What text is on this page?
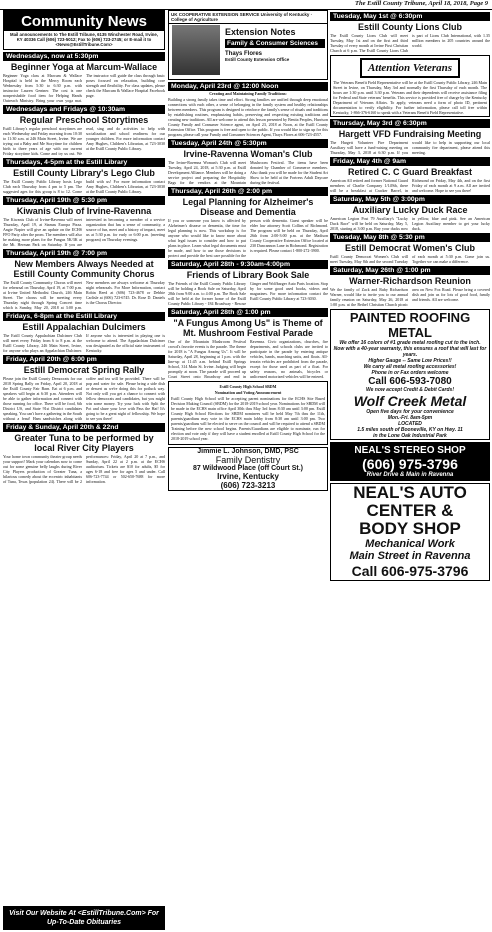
The Estill County Tribune, April 18, 2018, Page 9
Community News
Mail announcements to The Estill Tribune, 6135 Winchester Road, Irvine, KY 40336 Call (606) 723-5012; Fax to (606) 723-2745; or E-mail it to <News@EstillTribune.Com>
Wednesdays, now at 5:30pm
Beginner Yoga at Marcum-Wallace
Beginner Yoga class at Marcum & Wallace Hospital is held in the Mercy Room each Wednesday from 5:30 to 6:30 p.m. with instructor Lauren Gentner. The cost is one nonperishable food item for Helping Hands Outreach Ministry. Bring your own yoga mat. The instructor will guide the class through basic poses focused on relaxation, building core strength and flexibility. For class updates, please check the Marcum & Wallace Hospital Facebook page.
Wednesdays and Fridays @ 10:30am
Regular Preschool Storytimes
Estill Library's regular preschool storytimes are each Wednesday and Friday morning from 10:30 to 11:30 a.m. at 246 Main Street, Irvine. We are trying out a Baby and Me Storytime for children birth to three years of age with our current Friday storytime kids. Come and try us out. We read, sing and do activities to help with socialization and school readiness for our younger children. For more information contact Amy Hughes, Children's Librarian, at 723-3030 at the Estill County Public Library.
Thursdays, 4-5pm at the Estill Library
Estill County Library's Lego Club
The Estill County Public Library hosts Lego Club each Thursday from 4 pm to 5 pm. The suggested ages for this group is 8 to 12. Come build with us! For more information contact Amy Hughes, Children's Librarian, at 723-3030 at the Estill County Public Library.
Thursday, April 19th @ 5:30 pm
Kiwanis Club of Irvine-Ravenna
The Kiwanis Club of Irvine-Ravenna will meet Thursday, April 19, at Stamas Europa Pizza. Angie Napier will give an update on the ECHS FFO Party after the prom. The members will also be making more plans for the Fungus 5K/3K at the Mt. Herman Park on Saturday. If you are interested in becoming a member of a service organization that has a sense of community, a source of fun, meet and a history of impact, meet us at 5:30 p.m. for early or 6:00 p.m. (meeting program) on Thursday evenings.
Thursday, April 19th @ 7:00 pm
New Members Always Needed at Estill County Community Chorus
The Estill County Community Chorus will meet for rehearsal on Thursday, April 19, at 7:00 p.m. at Irvine United Methodist Church, 246 Main Street. The chorus will be meeting every Thursday night through Spring Concert time which is Sunday, May 20, 2018 at 3:00 p.m. New members are always welcome at Thursday night rehearsals. For More Information, contact Robin Reed at (606) 723-4678 or Debbie Carlisle at (606) 723-6745. Dr. Rose D. Daniels is the Chorus Director.
Fridays, 6-8pm at the Estill Library
Estill Appalachian Dulcimers
The Estill County Appalachian Dulcimer Club will meet every Friday from 6 to 8 p.m. at the Estill County Library, 246 Main Street, Irvine, for anyone who plays an Appalachian Dulcimer. If anyone who is interested in playing one is welcome to attend. The Appalachian Dulcimer was designated as the official state instrument of Kentucky.
Friday, April 20th @ 6:00 pm
Estill Democrat Spring Rally
Please join the Estill County Democrats for our 2018 Spring Rally on Friday, April 20, 2018 at the Estill County Fair Barn. Eat at 6 p.m. and speakers will begin at 6:30 p.m. Attendees will be able to gather information and connect with those running for office. There will be food, 6th District US, and State 91st District candidates speaking. You can't have a gathering in the South without a feast! Ham sandwiches along with coffee and tea will be provided. There will be pop and water for sale. Please bring a side dish or dessert as we're doing this for potluck way. Not only will you get a chance to connect with fellow democrats and candidates, but you might win some money. Try your luck with Split the Pot and share your love with Pass the Hat! It's going to be a great night of fellowship. We hope to see you there!
Friday & Sunday, April 20th & 22nd
Greater Tuna to be performed by local River City Players
Your home town community theater group needs your support! Mark your calendars now to come out for some genuine belly laughs during River City Players production of Greater Tuna, a hilarious comedy about the eccentric inhabitants of Tuna, Texas (population 24). There will be 2 performances: Friday, April 20 at 7 p.m., and Sunday, April 22 at 2 p.m. at the ECHS auditorium. Tickets are $10 for adults, $5 for ages 6-18 and free for ages 5 and under. Call 606-723-7744 or 502-650-7688 for more information.
Visit Our Website At <EstillTribune.Com> For Up-To-Date Obituaries
UK COOPERATIVE EXTENSION SERVICE University of Kentucky · College of Agriculture
Extension Notes
Family & Consumer Sciences
Thays Flores
Estill County Extension Office
Monday, April 23rd @ 12:00 Noon
Creating and Maintaining Family Traditions:
Building a strong family takes time and effort. Strong families are unified through deep emotional connections with each other, a sense of belonging in the family system and healthy relationships between members. This program is designed to reinforce the family's sense of rituals and traditions by establishing routines, emphasizing habits, preserving and respecting existing traditions and creating new traditions. All are welcome to attend this lesson presented by Benita Peoples, Harrison County Family and Consumer Science agent, on April 23, 2018 at Noon, at the Estill County Extension Office. This program is free and open to the public. If you would like to sign up for this program, please call your Family and Consumer Sciences Agent, Thays Flores at 606-723-4557.
Tuesday, April 24th @ 5:30pm
Irvine-Ravenna Woman's Club
The Irvine-Ravenna Woman's Club will meet Tuesday, April 24, 2018, at 5:30 p.m. at Estill Development Alliance. Members will be doing a service project and preparing the Hospitality Bags for the vendors at the Mountain Mushroom Festival. The items have been donated by Chamber of Commerce members. Also thank you will be made for the Student Art Show to be held at the Fortress Adult Daycare during the festival.
Thursday, April 26th @ 2:00 pm
Legal Planning for Alzheimer's Disease and Dementia
If you or someone you know is affected by Alzheimer's disease or dementia, the time for legal planning is now. This workshop is for anyone who would like to know more about what legal issues to consider and how to put plans in place. Learn what legal documents must be made, and how to use those decisions to protect and provide the best care possible for the person with dementia. Guest speaker will be elder law attorney Scott Collins of Richmond. The program will be held on Thursday, April 26th from 2:00-3:00 p.m. at the Madison County Cooperative Extension Office located at 230 Duncannon Lane in Richmond. Registration is required. Please contact 1-800-272-3900.
Saturday, April 28th - 9:30am-4:00pm
Friends of Library Book Sale
The Friends of the Estill County Public Library will be holding a Book Sale on Saturday, April 28th from 9:00 a.m. to 4:00 p.m. The Book Sale will be held at the former home of the Estill County Public Library - 184 Broadway - Rescue Ginger and Wolfbarger Auto Parts location. Stop by for some good used books, videos and magazines. For more information contact the Estill County Public Library at 723-3030.
Saturday, April 28th @ 1:00 pm
"A Fungus Among Us" is Theme of Mt. Mushroom Festival Parade
One of the Mountain Mushroom Festival crowd's favorite events is the parade. The theme for 2018 is "A Fungus Among Us". It will be Saturday, April 28, beginning at 1 p.m. with the line-up at 11:45 a.m. behind Estill Springs School, 314 Main St. Irvine. Judging will begin promptly at noon. The parade will proceed up Court Street onto Broadway and end in Ravenna. Civic organizations, churches, fire departments, and schools clubs are invited to participate in the parade by entering antique vehicles, bands, marching units, and floats. All-terrain vehicles are prohibited from the parade, except for those used as part of a float. For safety reasons, no animals, bicycles or unlicensed motorized vehicles will be entered.
Estill County High School SBDM
Nomination and Voting Announcement
Estill County High School will be accepting parent nominations for the ECHS Site Based Decision Making Council (SBDM) for the 2018-2019 school year. Nominations for SBDM will be made in the ECHS main office April 30th thru May 3rd from 8:30 am until 3:00 pm. Estill County High School Elections for SBDM nominees will be held May 7th thru the 11th, parents/guardians may vote in the ECHS main lobby from 8:30 am until 3:00 pm. Two parents/guardians will be elected to serve on the council and will be required to attend a SBDM Training before the new school begins. Parents/Guardians are eligible to nominate, run for election and vote only if they will have a student enrolled at Estill County High School for the 2018-2019 school year.
Jimmie L. Johnson, DMD, PSC
Family Dentistry
87 Wildwood Place (off Court St.)
Irvine, Kentucky
(606) 723-3213
Tuesday, May 1st @ 6:30pm
Estill County Lions Club
The Estill County Lions Club will meet Tuesday, May 1st and on the first and third Tuesday of every month at Irvine First Christian Church at 6 p.m. The Estill County Lions Club is part of Lions Club International, with 1.35 million members in 205 countries around the world.
Attention Veterans
The Veterans Benefit Field Representative will be at the Estill County Public Library, 246 Main Street in Irvine, on Thursday, May 3rd and normally the first Thursday of each month. The hours are 1:30 p.m. until 3:30 p.m. Veterans and their dependents will receive assistance filing for Federal and State veterans' benefits. This service is provided free of charge by the Kentucky Department of Veterans Affairs. To apply, veterans need a form of photo ID, pertinent documentation to verify eligibility. For further information, please call toll free within Kentucky, 1-866-376-6160 to speak with a Veterans Benefit Field Representative.
Thursday, May 3rd @ 6:30pm
Hargett VFD Fundraising Meeting
The Hargett Volunteer Fire Department Auxiliary will have a fund-raising meeting on Thursday, May 3, 2018 at 6:30 p.m. If you would like to help in supporting our local community fire department, please attend this meeting.
Friday, May 4th @ 9am
Retired C. C Guard Breakfast
American All retired and former National Guard members of Charlie Company 1/149th, there will be a breakfast at Cracker Barrel, in Richmond on Friday, May 4th, and on the first Friday of each month at 9 a.m. All are invited and welcome. Hope to see you there!
Saturday, May 5th @ 3:00pm
Auxiliary Lucky Duck Race
American Legion Post 79 Auxiliary's "Lucky Duck Race" will be held on Saturday, May 5, 2018, starting at 3:00 p.m. Buy your ducks now in yellow, blue and pink. See an American Legion Auxiliary member to get your lucky duck.
Tuesday, May 8th @ 5:30 pm
Estill Democrat Women's Club
Estill County Democrat Women's Club will meet Tuesday, May 8th and the second Tuesday of each month at 5:30 p.m. Come join us. Together we can make a difference.
Saturday, May 26th @ 1:00 pm
Warner-Richardson Reunion
We the family of Zack and Ruby Richardson Warner, would like to invite you to our annual family reunion on Saturday, May 26, 2018 at 1:00 p.m. at the Bethel Christian Church picnic area on New Fox Road. Please bring a covered dish and join us for lots of good food, family and friends. All are welcome.
PAINTED ROOFING METAL
We offer 16 colors of #1 grade metal roofing cut to the inch.
Now with a 40-year warranty, this ensures a roof that will last for years.
Higher Gauge -- Same Low Prices!!
We carry all metal roofing accessories!
Phone in or Fax orders welcome
Call 606-593-7080
We now accept Credit & Debit Cards!
Wolf Creek Metal
Open five days for your convenience
Mon.-Fri. 8am-5pm
LOCATED
1.5 miles south of Booneville, KY on Hwy. 11
in the Lone Oak Industrial Park
NEAL'S STEREO SHOP
(606) 975-3796
River Drive & Main in Ravenna
NEAL'S AUTO
CENTER &
BODY SHOP
Mechanical Work
Main Street in Ravenna
Call 606-975-3796
